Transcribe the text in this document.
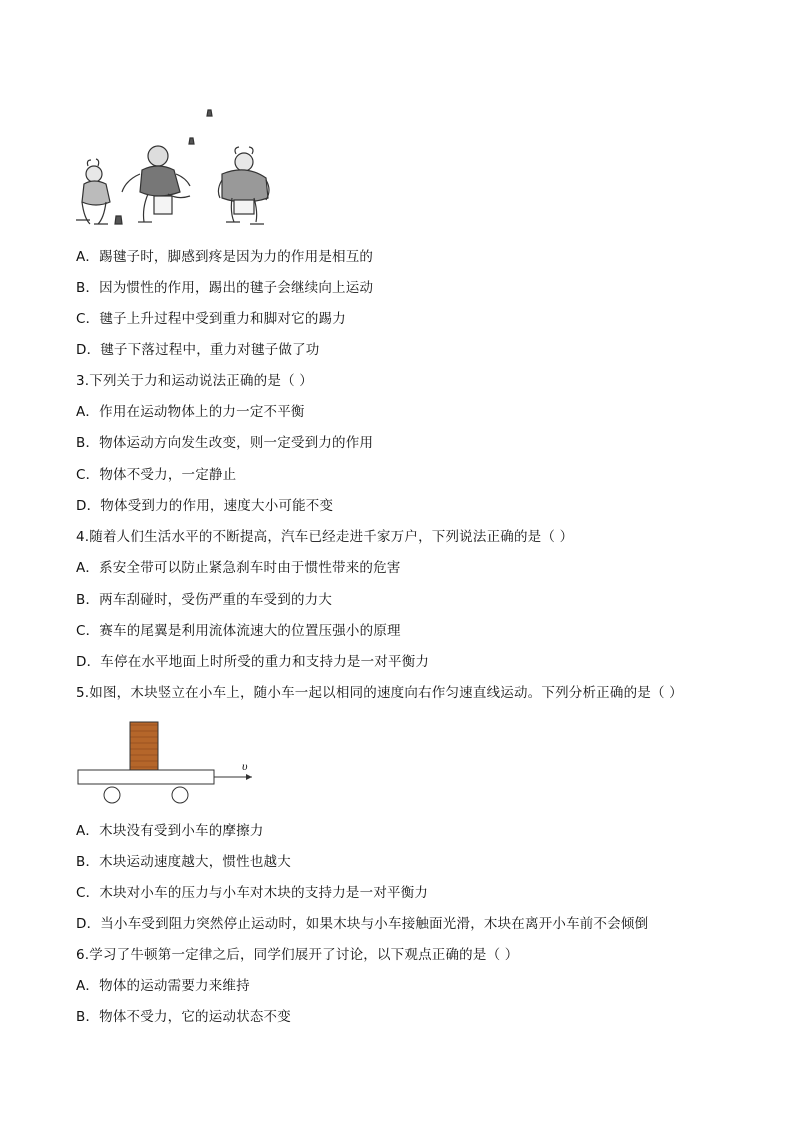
A．踢毽子时，脚感到疼是因为力的作用是相互的
B．因为惯性的作用，踢出的毽子会继续向上运动
C．毽子上升过程中受到重力和脚对它的踢力
D．毽子下落过程中，重力对毽子做了功
3.下列关于力和运动说法正确的是（ ）
A．作用在运动物体上的力一定不平衡
B．物体运动方向发生改变，则一定受到力的作用
C．物体不受力，一定静止
D．物体受到力的作用，速度大小可能不变
4.随着人们生活水平的不断提高，汽车已经走进千家万户，下列说法正确的是（ ）
A．系安全带可以防止紧急刹车时由于惯性带来的危害
B．两车刮碰时，受伤严重的车受到的力大
C．赛车的尾翼是利用流体流速大的位置压强小的原理
D．车停在水平地面上时所受的重力和支持力是一对平衡力
5.如图，木块竖立在小车上，随小车一起以相同的速度向右作匀速直线运动。下列分析正确的是（ ）
υ
A．木块没有受到小车的摩擦力
B．木块运动速度越大，惯性也越大
C．木块对小车的压力与小车对木块的支持力是一对平衡力
D．当小车受到阻力突然停止运动时，如果木块与小车接触面光滑，木块在离开小车前不会倾倒
6.学习了牛顿第一定律之后，同学们展开了讨论，以下观点正确的是（ ）
A．物体的运动需要力来维持
B．物体不受力，它的运动状态不变
